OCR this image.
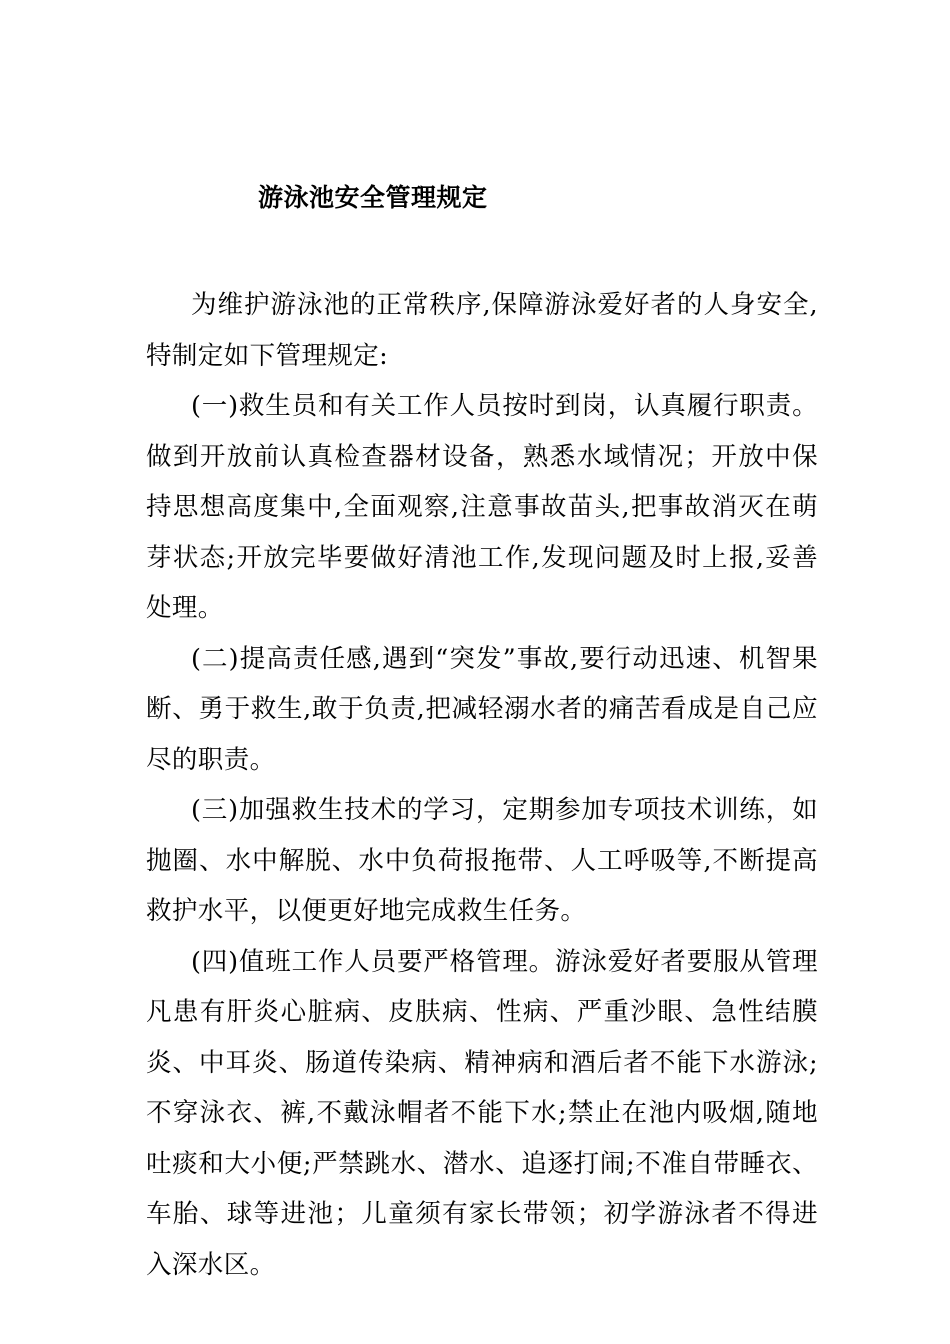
游泳池安全管理规定

为维护游泳池的正常秩序,保障游泳爱好者的人身安全,特制定如下管理规定:

(一)救生员和有关工作人员按时到岗，认真履行职责。做到开放前认真检查器材设备，熟悉水域情况；开放中保持思想高度集中,全面观察,注意事故苗头,把事故消灭在萌芽状态;开放完毕要做好清池工作,发现问题及时上报,妥善处理。

(二)提高责任感,遇到“突发”事故,要行动迅速、机智果断、勇于救生,敢于负责,把减轻溺水者的痛苦看成是自己应尽的职责。

(三)加强救生技术的学习，定期参加专项技术训练，如抛圈、水中解脱、水中负荷报拖带、人工呼吸等,不断提高救护水平，以便更好地完成救生任务。

(四)值班工作人员要严格管理。游泳爱好者要服从管理凡患有肝炎心脏病、皮肤病、性病、严重沙眼、急性结膜炎、中耳炎、肠道传染病、精神病和酒后者不能下水游泳;不穿泳衣、裤,不戴泳帽者不能下水;禁止在池内吸烟,随地吐痰和大小便;严禁跳水、潜水、追逐打闹;不准自带睡衣、车胎、球等进池；儿童须有家长带领；初学游泳者不得进入深水区。
